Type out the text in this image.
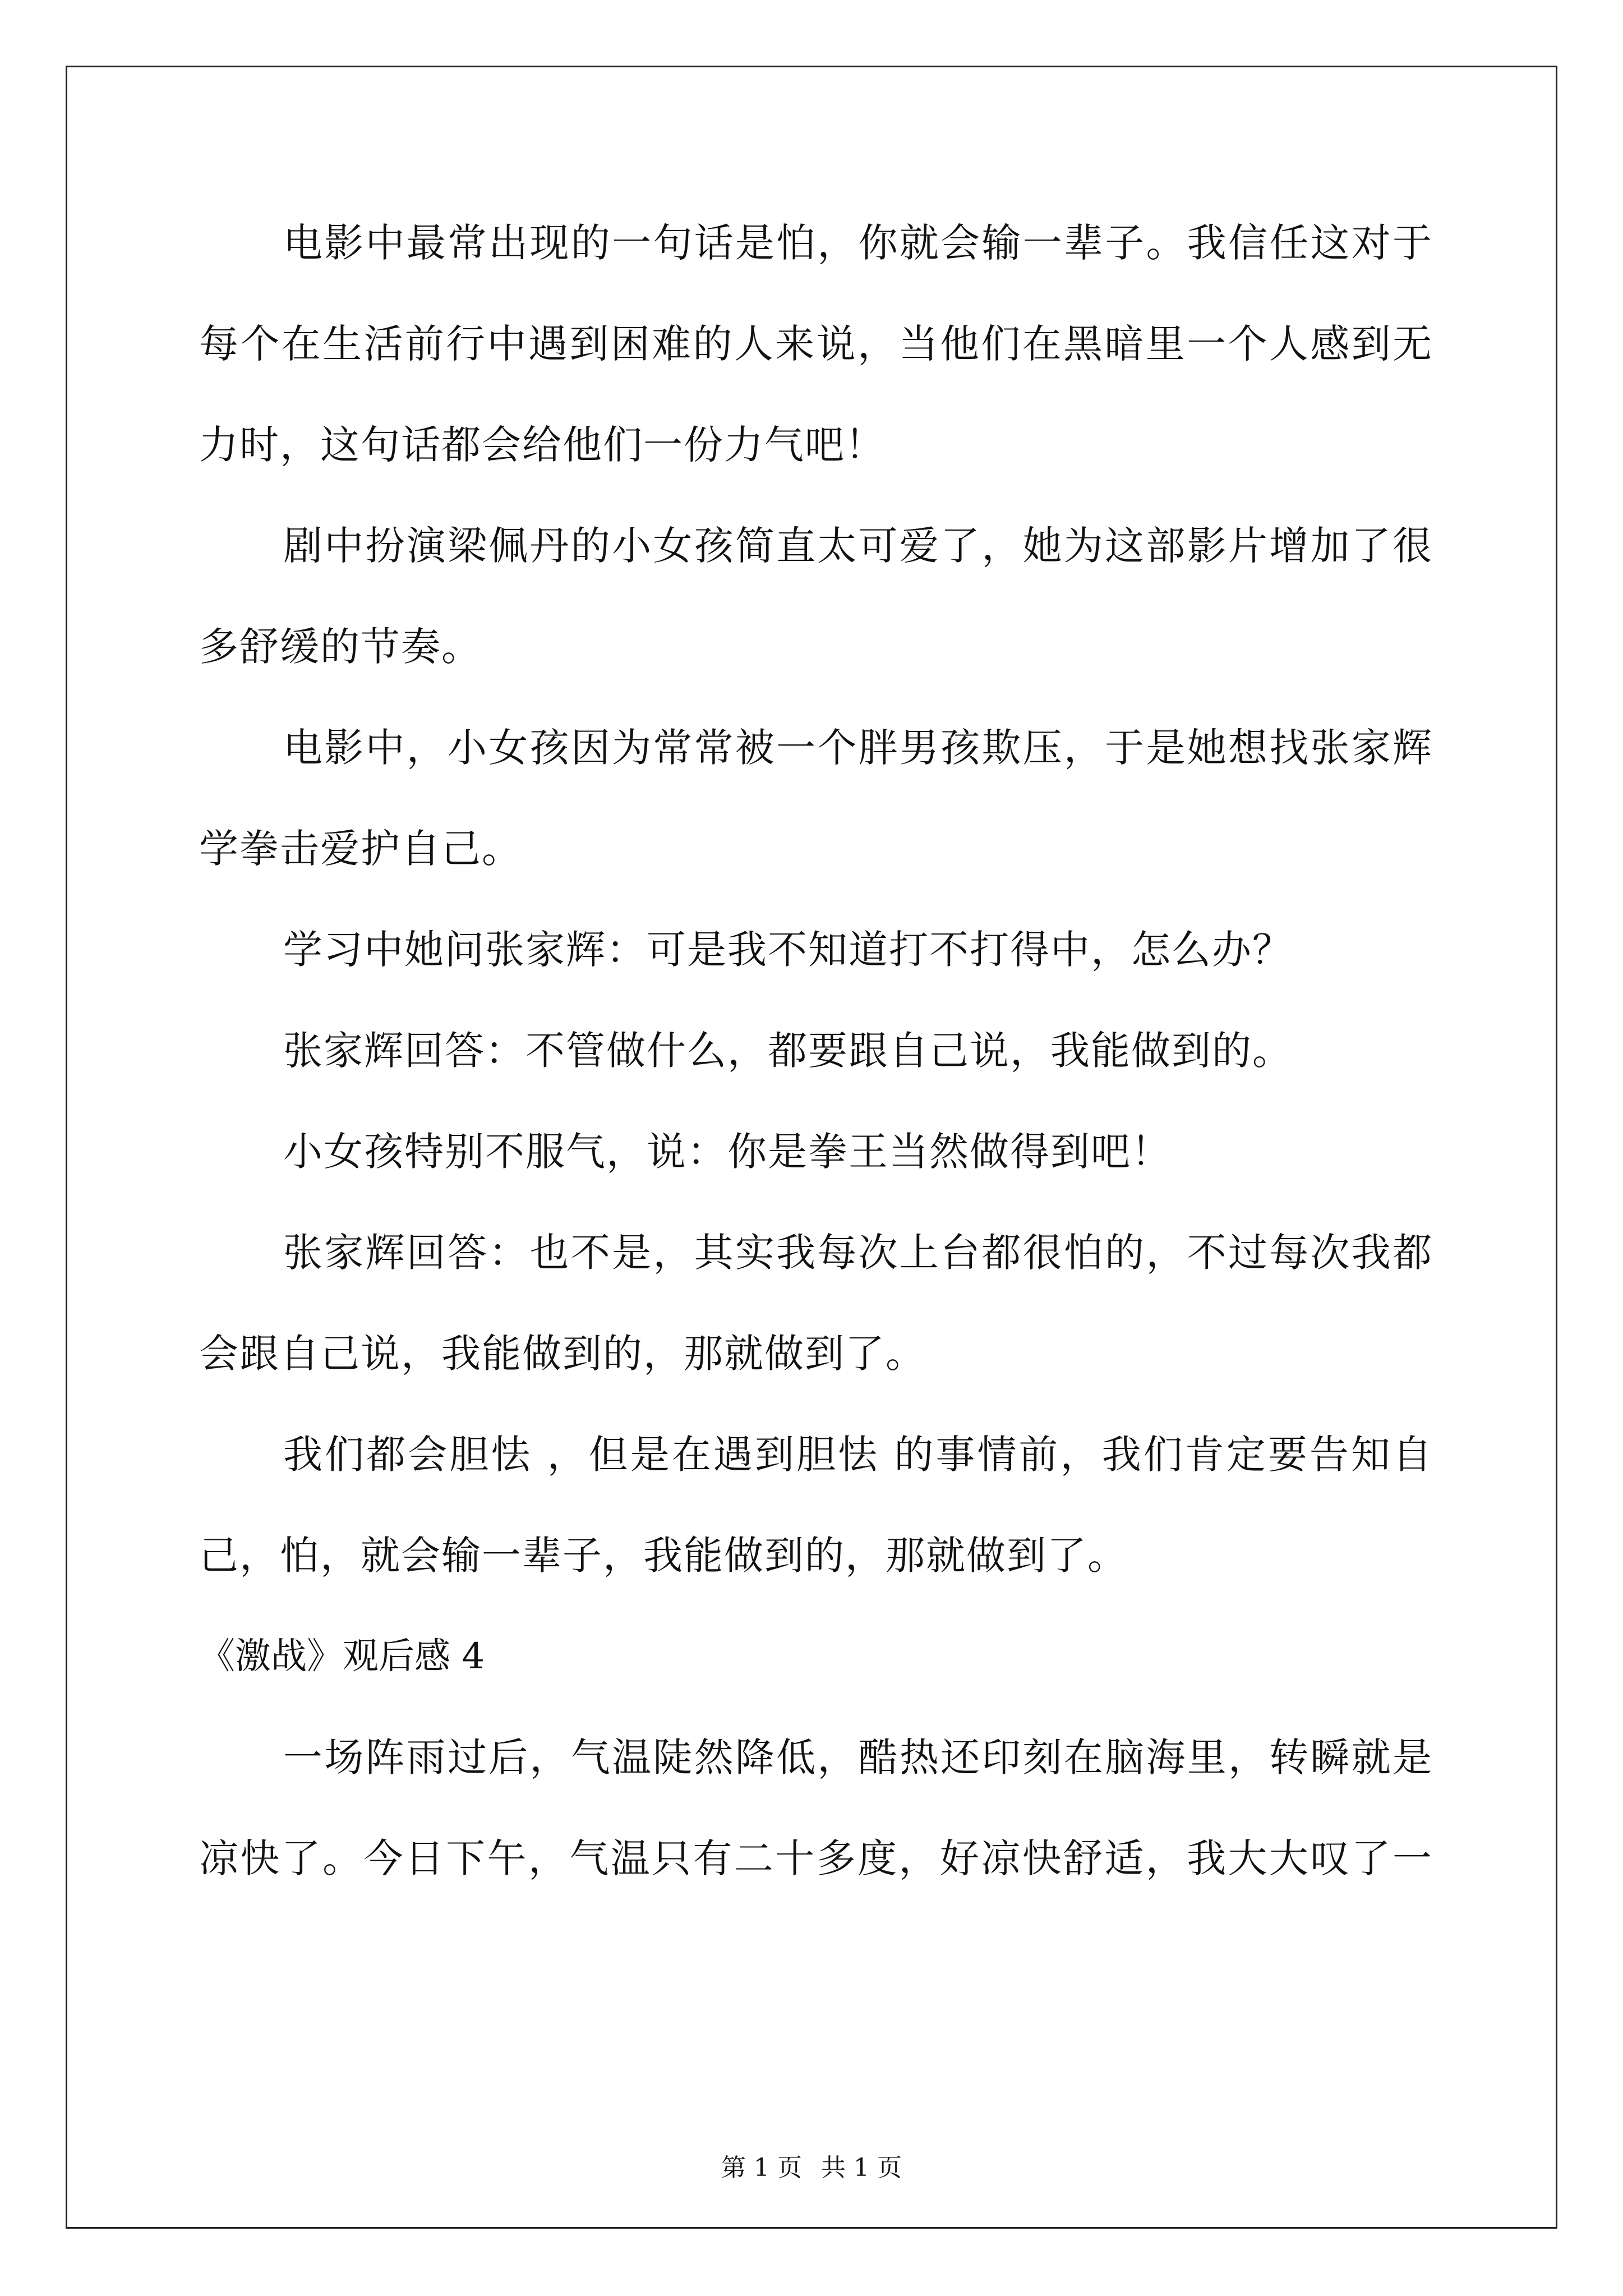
电影中最常出现的一句话是怕，你就会输一辈子。我信任这对于
每个在生活前行中遇到困难的人来说，当他们在黑暗里一个人感到无
力时，这句话都会给他们一份力气吧！
剧中扮演梁佩丹的小女孩简直太可爱了，她为这部影片增加了很
多舒缓的节奏。
电影中，小女孩因为常常被一个胖男孩欺压，于是她想找张家辉
学拳击爱护自己。
学习中她问张家辉：可是我不知道打不打得中，怎么办？
张家辉回答：不管做什么，都要跟自己说，我能做到的。
小女孩特别不服气，说：你是拳王当然做得到吧！
张家辉回答：也不是，其实我每次上台都很怕的，不过每次我都
会跟自己说，我能做到的，那就做到了。
我们都会胆怯 ，但是在遇到胆怯 的事情前，我们肯定要告知自
己，怕，就会输一辈子，我能做到的，那就做到了。
《激战》观后感 4
一场阵雨过后，气温陡然降低，酷热还印刻在脑海里，转瞬就是
凉快了。今日下午，气温只有二十多度，好凉快舒适，我大大叹了一
第 1 页 共 1 页
